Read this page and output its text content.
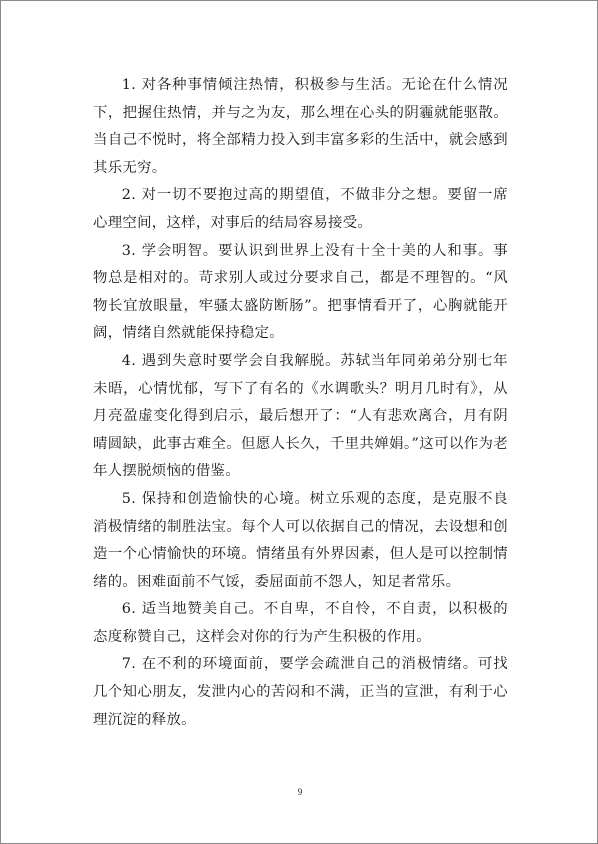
1. 对各种事情倾注热情，积极参与生活。无论在什么情况下，把握住热情，并与之为友，那么埋在心头的阴霾就能驱散。当自己不悦时，将全部精力投入到丰富多彩的生活中，就会感到其乐无穷。

2. 对一切不要抱过高的期望值，不做非分之想。要留一席心理空间，这样，对事后的结局容易接受。

3. 学会明智。要认识到世界上没有十全十美的人和事。事物总是相对的。苛求别人或过分要求自己，都是不理智的。“风物长宜放眼量，牢骚太盛防断肠”。把事情看开了，心胸就能开阔，情绪自然就能保持稳定。

4. 遇到失意时要学会自我解脱。苏轼当年同弟弟分别七年未晤，心情忧郁，写下了有名的《水调歌头？明月几时有》，从月亮盈虚变化得到启示，最后想开了：“人有悲欢离合，月有阴晴圆缺，此事古难全。但愿人长久，千里共婵娟。”这可以作为老年人摆脱烦恼的借鉴。

5. 保持和创造愉快的心境。树立乐观的态度，是克服不良消极情绪的制胜法宝。每个人可以依据自己的情况，去设想和创造一个心情愉快的环境。情绪虽有外界因素，但人是可以控制情绪的。困难面前不气馁，委屈面前不怨人，知足者常乐。

6. 适当地赞美自己。不自卑，不自怜，不自责，以积极的态度称赞自己，这样会对你的行为产生积极的作用。

7. 在不利的环境面前，要学会疏泄自己的消极情绪。可找几个知心朋友，发泄内心的苦闷和不满，正当的宣泄，有利于心理沉淀的释放。

9
